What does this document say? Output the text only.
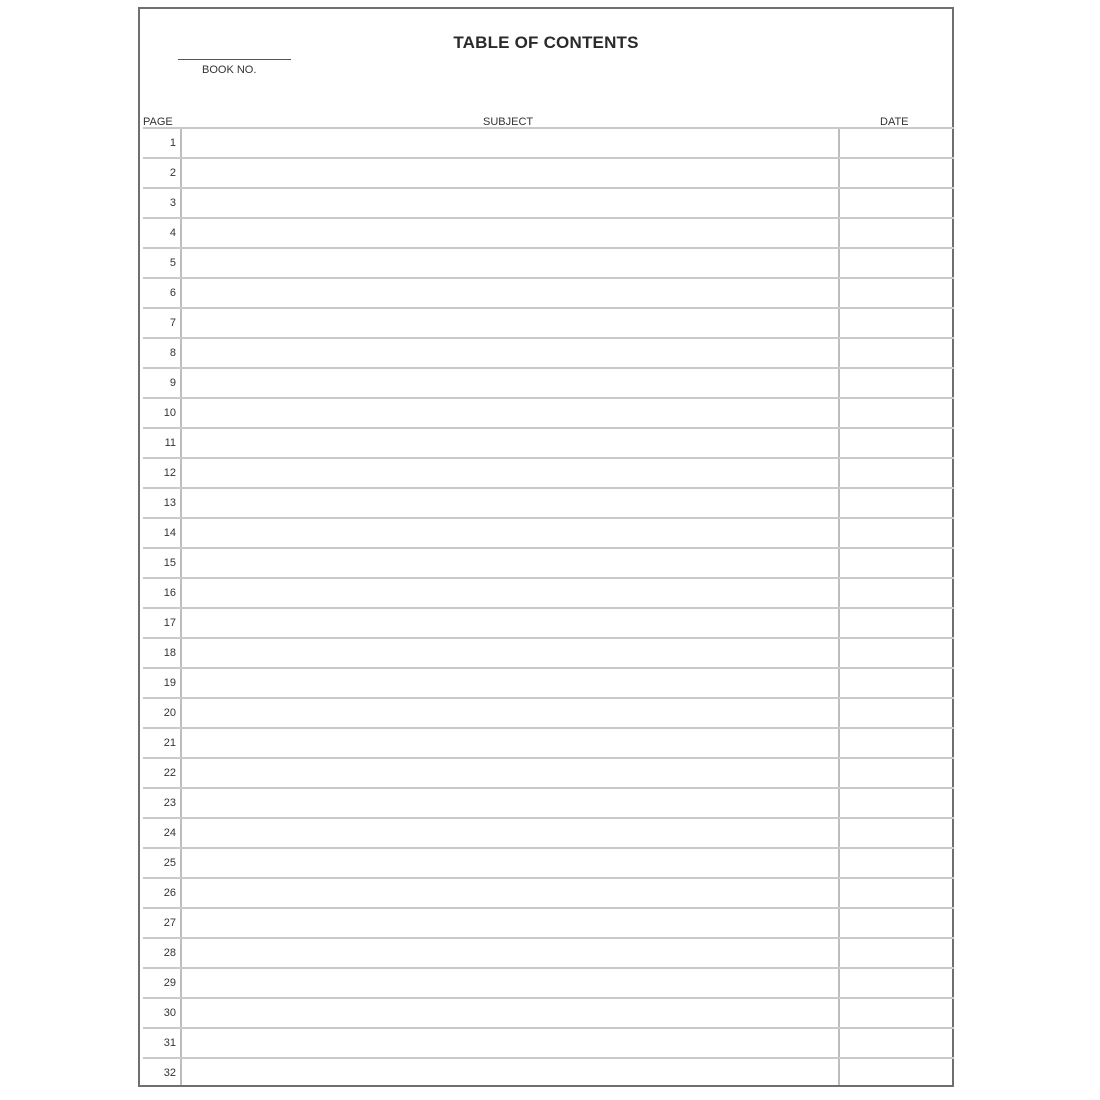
TABLE OF CONTENTS
BOOK NO.
PAGE	SUBJECT	DATE
1
2
3
4
5
6
7
8
9
10
11
12
13
14
15
16
17
18
19
20
21
22
23
24
25
26
27
28
29
30
31
32
